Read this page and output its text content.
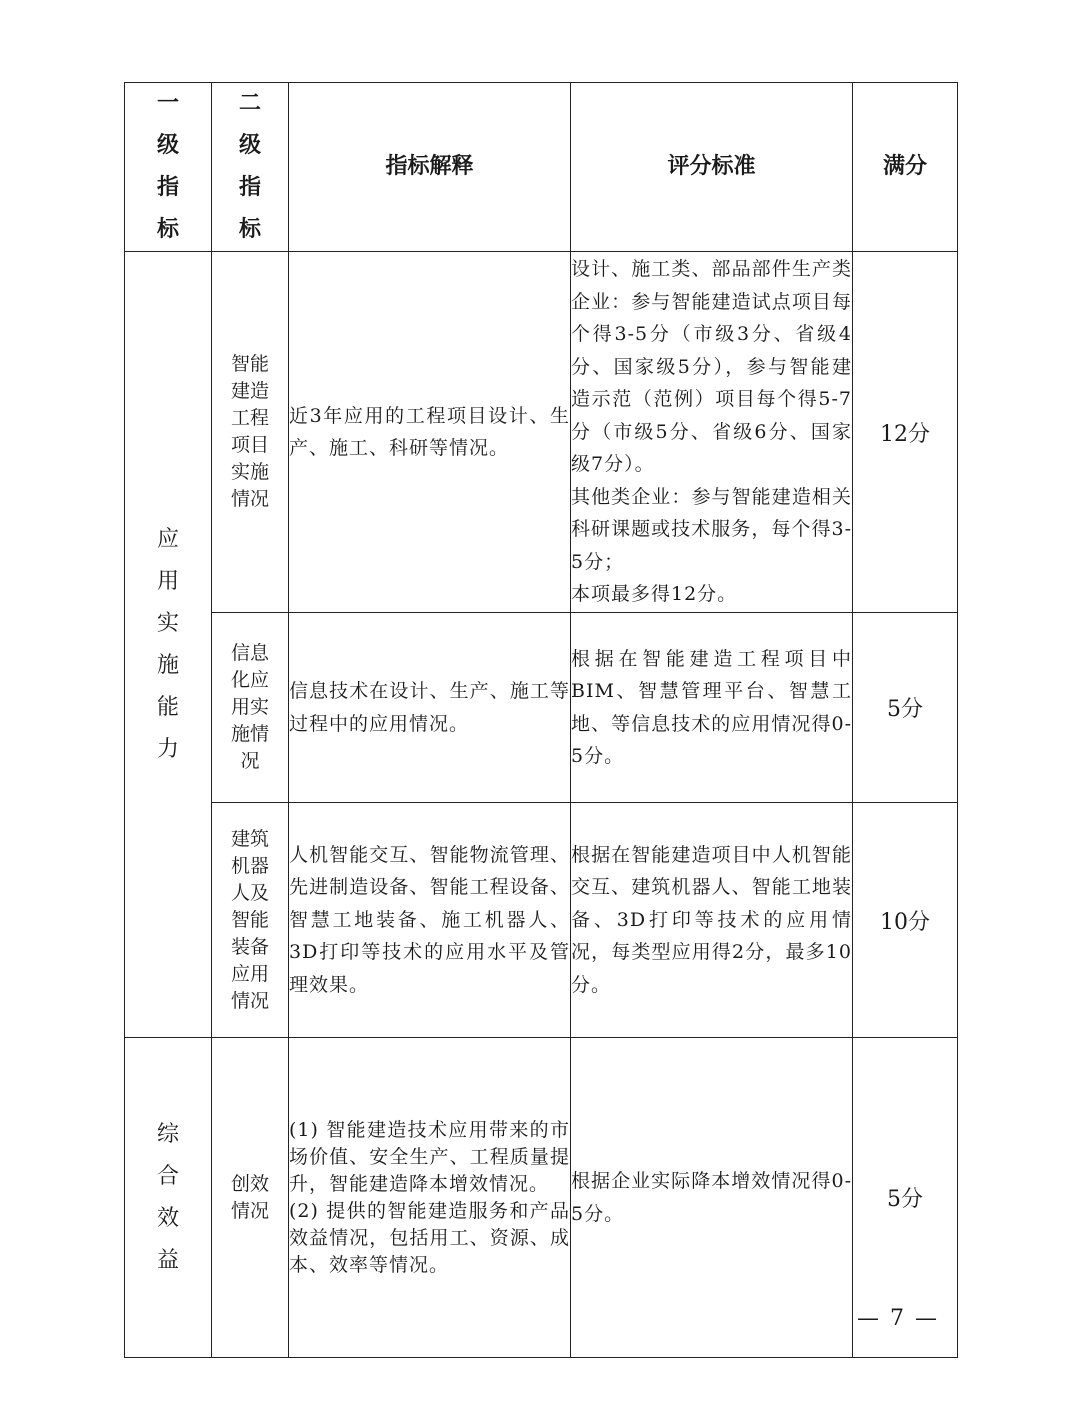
一级指标	二级指标	指标解释	评分标准	满分
应用实施能力	智能建造工程项目实施情况	近3年应用的工程项目设计、生产、施工、科研等情况。	设计、施工类、部品部件生产类企业：参与智能建造试点项目每个得3-5分（市级3分、省级4分、国家级5分），参与智能建造示范（范例）项目每个得5-7分（市级5分、省级6分、国家级7分）。
其他类企业：参与智能建造相关科研课题或技术服务，每个得3-5分；
本项最多得12分。	12分
	信息化应用实施情况	信息技术在设计、生产、施工等过程中的应用情况。	根据在智能建造工程项目中BIM、智慧管理平台、智慧工地、等信息技术的应用情况得0-5分。	5分
	建筑机器人及智能装备应用情况	人机智能交互、智能物流管理、先进制造设备、智能工程设备、智慧工地装备、施工机器人、3D打印等技术的应用水平及管理效果。	根据在智能建造项目中人机智能交互、建筑机器人、智能工地装备、3D打印等技术的应用情况，每类型应用得2分，最多10分。	10分
综合效益	创效情况	(1) 智能建造技术应用带来的市场价值、安全生产、工程质量提升，智能建造降本增效情况。
(2) 提供的智能建造服务和产品效益情况，包括用工、资源、成本、效率等情况。	根据企业实际降本增效情况得0-5分。	5分
— 7 —
